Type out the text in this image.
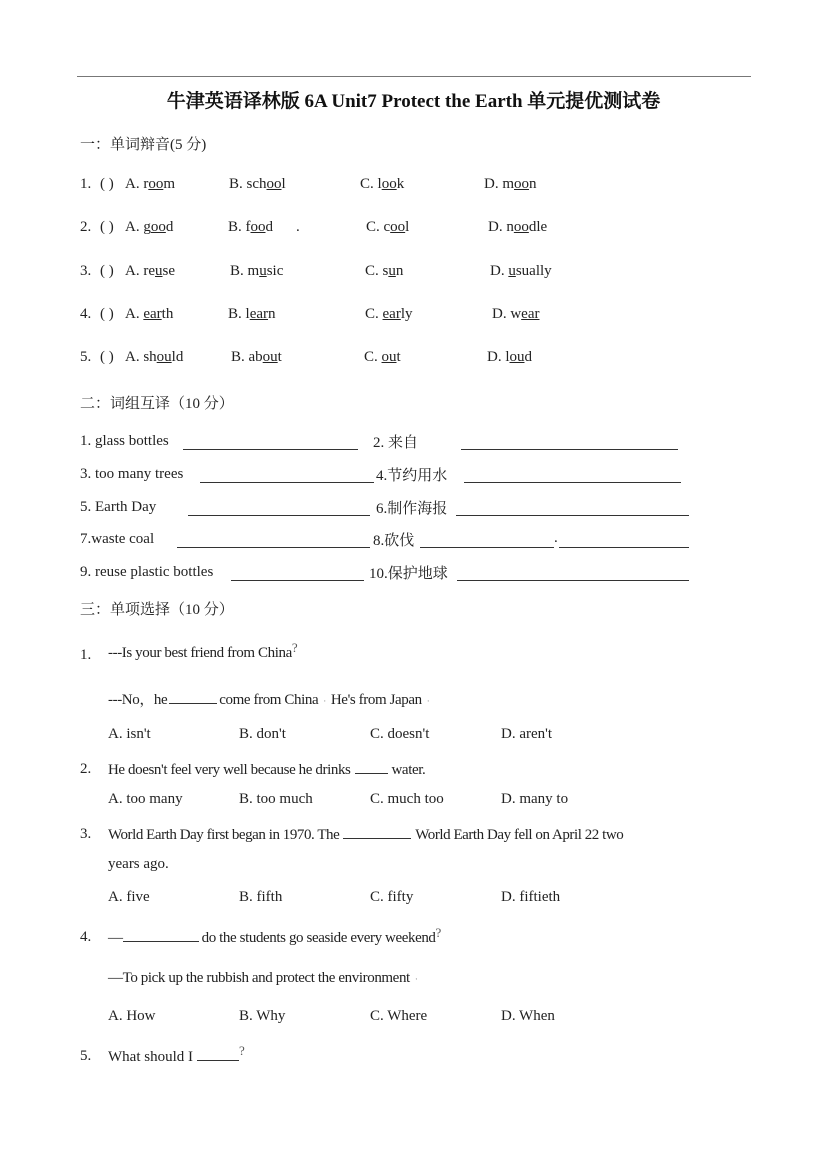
牛津英语译林版 6A Unit7 Protect the Earth 单元提优测试卷
一：单词辩音(5 分)
1. ( ) A. room	B. school	C. look	D. moon
2. ( ) A. good	B. food	C. cool	D. noodle
.
3. ( ) A. reuse	B. music	C. sun	D. usually
4. ( ) A. earth	B. learn	C. early	D. wear
5. ( ) A. should	B. about	C. out	D. loud
二：词组互译（10 分）
1. glass bottles	2. 来自
3. too many trees	4.节约用水
5. Earth Day	6.制作海报
7.waste coal	8.砍伐	.
9. reuse plastic bottles	10.保护地球
三：单项选择（10 分）
1. ---Is your best friend from China?
---No，he	come from China · He's from Japan ·
A. isn't	B. don't	C. doesn't	D. aren't
2. He doesn't feel very well because he drinks	water.
A. too many	B. too much	C. much too	D. many to
3. World Earth Day first began in 1970. The	World Earth Day fell on April 22 two
years ago.
A. five	B. fifth	C. fifty	D. fiftieth
4. —	do the students go seaside every weekend?
—To pick up the rubbish and protect the environment ·
A. How	B. Why	C. Where	D. When
5. What should I	?
